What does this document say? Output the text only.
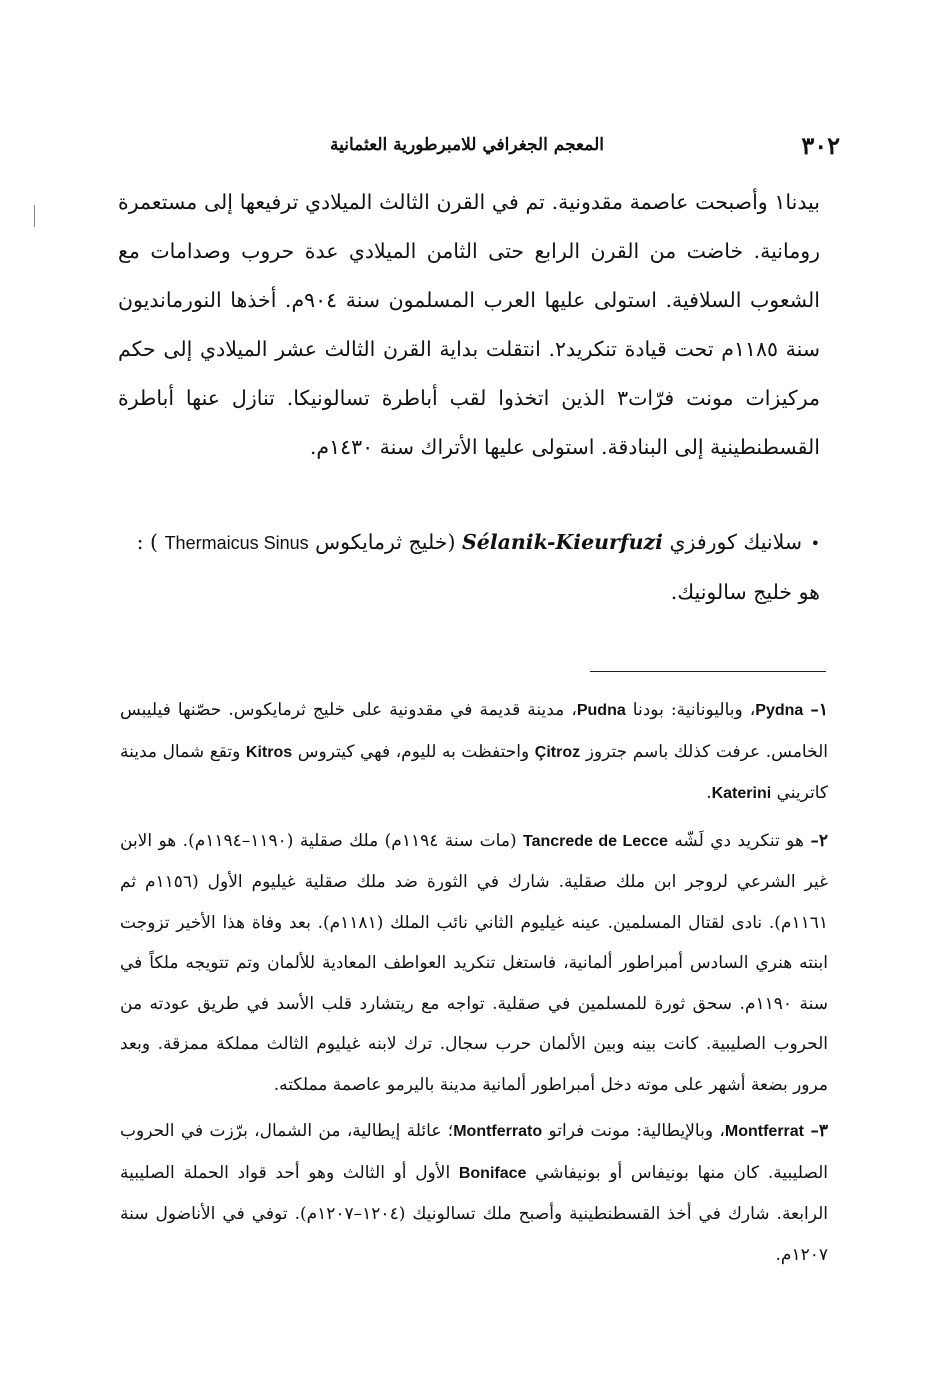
٣٠٢
المعجم الجغرافي للامبرطورية العثمانية

بيدنا١ وأصبحت عاصمة مقدونية. تم في القرن الثالث الميلادي ترفيعها إلى مستعمرة رومانية. خاضت من القرن الرابع حتى الثامن الميلادي عدة حروب وصدامات مع الشعوب السلافية. استولى عليها العرب المسلمون سنة ٩٠٤م. أخذها النورمانديون سنة ١١٨٥م تحت قيادة تنكريد٢. انتقلت بداية القرن الثالث عشر الميلادي إلى حكم مركيزات مونت فرّات٣ الذين اتخذوا لقب أباطرة تسالونيكا. تنازل عنها أباطرة القسطنطينية إلى البنادقة. استولى عليها الأتراك سنة ١٤٣٠م.

•سلانيك كورفزي Sélanik-Kieurfuzi (خليج ثرمايكوس Thermaicus Sinus ) :
هو خليج سالونيك.

١– Pydna، وباليونانية: بودنا Pudna، مدينة قديمة في مقدونية على خليج ثرمايكوس. حصّنها فيليبس الخامس. عرفت كذلك باسم جتروز Çitroz واحتفظت به لليوم، فهي كيتروس Kitros وتقع شمال مدينة كاتريني Katerini.

٢– هو تنكريد دي لَشّه Tancrede de Lecce (مات سنة ١١٩٤م) ملك صقلية (١١٩٠–١١٩٤م). هو الابن غير الشرعي لروجر ابن ملك صقلية. شارك في الثورة ضد ملك صقلية غيليوم الأول (١١٥٦م ثم ١١٦١م). نادى لقتال المسلمين. عينه غيليوم الثاني نائب الملك (١١٨١م). بعد وفاة هذا الأخير تزوجت ابنته هنري السادس أمبراطور ألمانية، فاستغل تنكريد العواطف المعادية للألمان وتم تتويجه ملكاً في سنة ١١٩٠م. سحق ثورة للمسلمين في صقلية. تواجه مع ريتشارد قلب الأسد في طريق عودته من الحروب الصليبية. كانت بينه وبين الألمان حرب سجال. ترك لابنه غيليوم الثالث مملكة ممزقة. وبعد مرور بضعة أشهر على موته دخل أمبراطور ألمانية مدينة باليرمو عاصمة مملكته.

٣– Montferrat، وبالإيطالية: مونت فراتو Montferrato؛ عائلة إيطالية، من الشمال، برّزت في الحروب الصليبية. كان منها بونيفاس أو بونيفاشي Boniface الأول أو الثالث وهو أحد قواد الحملة الصليبية الرابعة. شارك في أخذ القسطنطينية وأصبح ملك تسالونيك (١٢٠٤–١٢٠٧م). توفي في الأناضول سنة ١٢٠٧م.
